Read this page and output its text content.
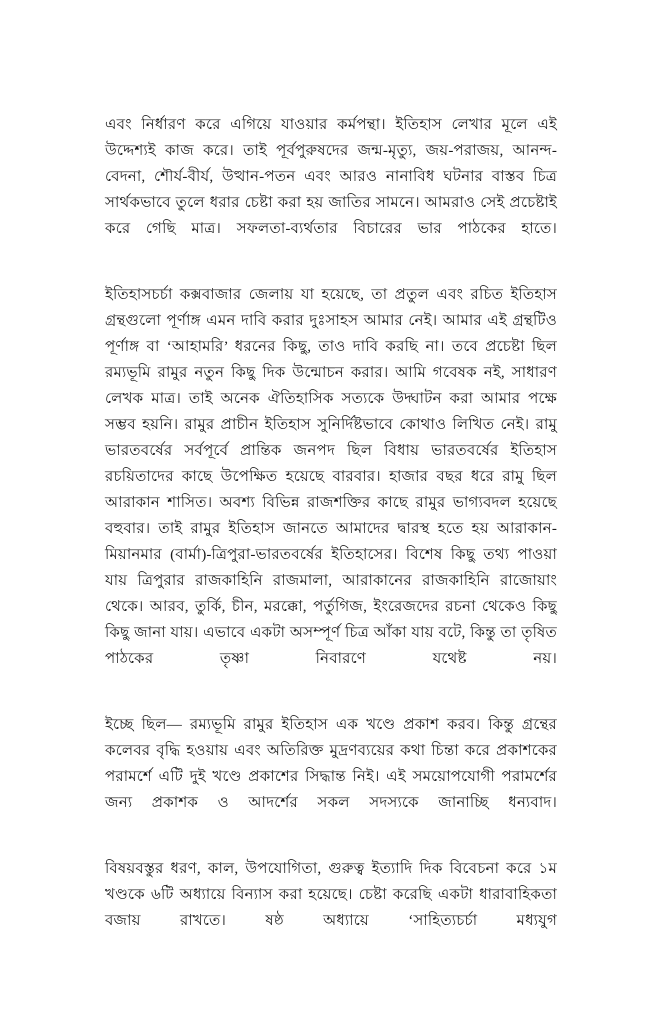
এবং নির্ধারণ করে এগিয়ে যাওয়ার কর্মপন্থা। ইতিহাস লেখার মূলে এই উদ্দেশ্যই কাজ করে। তাই পূর্বপুরুষদের জন্ম-মৃত্যু, জয়-পরাজয়, আনন্দ-বেদনা, শৌর্য-বীর্য, উত্থান-পতন এবং আরও নানাবিধ ঘটনার বাস্তব চিত্র সার্থকভাবে তুলে ধরার চেষ্টা করা হয় জাতির সামনে। আমরাও সেই প্রচেষ্টাই করে গেছি মাত্র। সফলতা-ব্যর্থতার বিচারের ভার পাঠকের হাতে।

ইতিহাসচর্চা কক্সবাজার জেলায় যা হয়েছে, তা প্রতুল এবং রচিত ইতিহাস গ্রন্থগুলো পূর্ণাঙ্গ এমন দাবি করার দুঃসাহস আমার নেই। আমার এই গ্রন্থটিও পূর্ণাঙ্গ বা ‘আহামরি’ ধরনের কিছু, তাও দাবি করছি না। তবে প্রচেষ্টা ছিল রম্যভূমি রামুর নতুন কিছু দিক উন্মোচন করার। আমি গবেষক নই, সাধারণ লেখক মাত্র। তাই অনেক ঐতিহাসিক সত্যকে উদ্ঘাটন করা আমার পক্ষে সম্ভব হয়নি। রামুর প্রাচীন ইতিহাস সুনির্দিষ্টভাবে কোথাও লিখিত নেই। রামু ভারতবর্ষের সর্বপূর্বে প্রান্তিক জনপদ ছিল বিধায় ভারতবর্ষের ইতিহাস রচয়িতাদের কাছে উপেক্ষিত হয়েছে বারবার। হাজার বছর ধরে রামু ছিল আরাকান শাসিত। অবশ্য বিভিন্ন রাজশক্তির কাছে রামুর ভাগ্যবদল হয়েছে বহুবার। তাই রামুর ইতিহাস জানতে আমাদের দ্বারস্থ হতে হয় আরাকান-মিয়ানমার (বার্মা)-ত্রিপুরা-ভারতবর্ষের ইতিহাসের। বিশেষ কিছু তথ্য পাওয়া যায় ত্রিপুরার রাজকাহিনি রাজমালা, আরাকানের রাজকাহিনি রাজোয়াং থেকে। আরব, তুর্কি, চীন, মরক্কো, পর্তুগিজ, ইংরেজদের রচনা থেকেও কিছু কিছু জানা যায়। এভাবে একটা অসম্পূর্ণ চিত্র আঁকা যায় বটে, কিন্তু তা তৃষিত পাঠকের তৃষ্ণা নিবারণে যথেষ্ট নয়।

ইচ্ছে ছিল— রম্যভূমি রামুর ইতিহাস এক খণ্ডে প্রকাশ করব। কিন্তু গ্রন্থের কলেবর বৃদ্ধি হওয়ায় এবং অতিরিক্ত মুদ্রণব্যয়ের কথা চিন্তা করে প্রকাশকের পরামর্শে এটি দুই খণ্ডে প্রকাশের সিদ্ধান্ত নিই। এই সময়োপযোগী পরামর্শের জন্য প্রকাশক ও আদর্শের সকল সদস্যকে জানাচ্ছি ধন্যবাদ।

বিষয়বস্তুর ধরণ, কাল, উপযোগিতা, গুরুত্ব ইত্যাদি দিক বিবেচনা করে ১ম খণ্ডকে ৬টি অধ্যায়ে বিন্যাস করা হয়েছে। চেষ্টা করেছি একটা ধারাবাহিকতা বজায় রাখতে। ষষ্ঠ অধ্যায়ে ‘সাহিত্যচর্চা মধ্যযুগ
